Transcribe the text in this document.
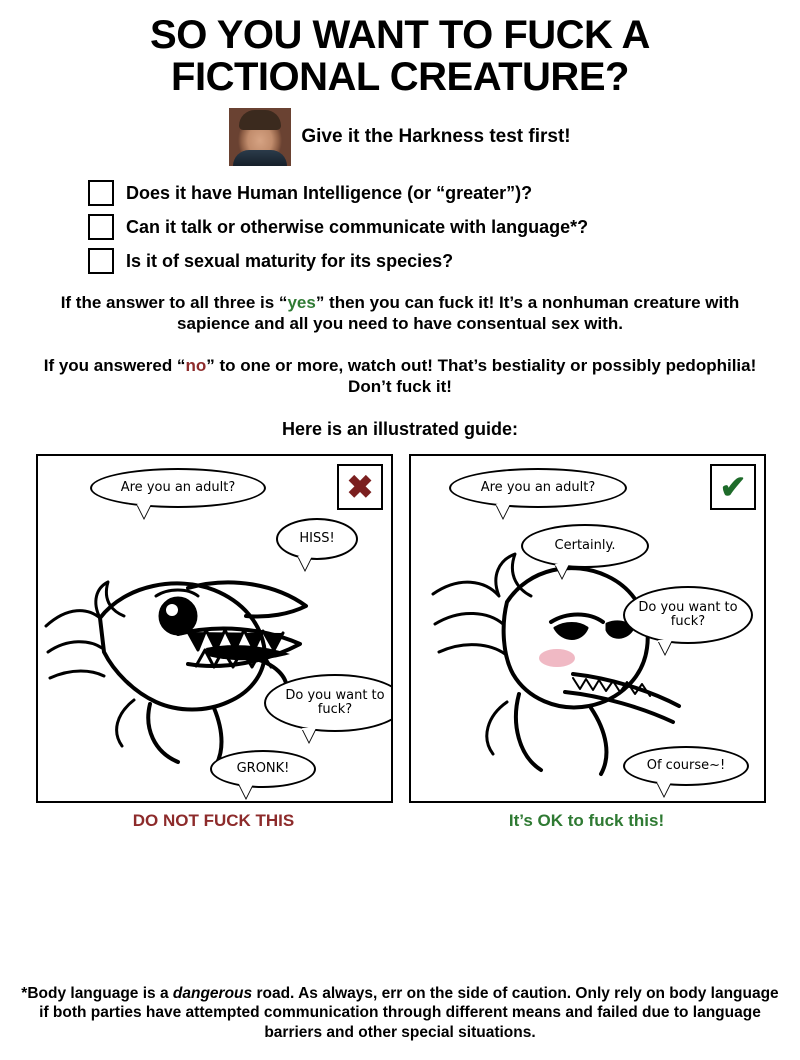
SO YOU WANT TO FUCK A
FICTIONAL CREATURE?
Give it the Harkness test first!
Does it have Human Intelligence (or “greater”)?
Can it talk or otherwise communicate with language*?
Is it of sexual maturity for its species?
If the answer to all three is “yes” then you can fuck it! It’s a nonhuman creature with sapience and all you need to have consentual sex with.
If you answered “no” to one or more, watch out! That’s bestiality or possibly pedophilia! Don’t fuck it!
Here is an illustrated guide:
✖
Are you an adult?
HISS!
Do you want to fuck?
GRONK!
DO NOT FUCK THIS
✔
Are you an adult?
Certainly.
Do you want to fuck?
Of course~!
It’s OK to fuck this!
*Body language is a dangerous road. As always, err on the side of caution. Only rely on body language if both parties have attempted communication through different means and failed due to language barriers and other special situations.
